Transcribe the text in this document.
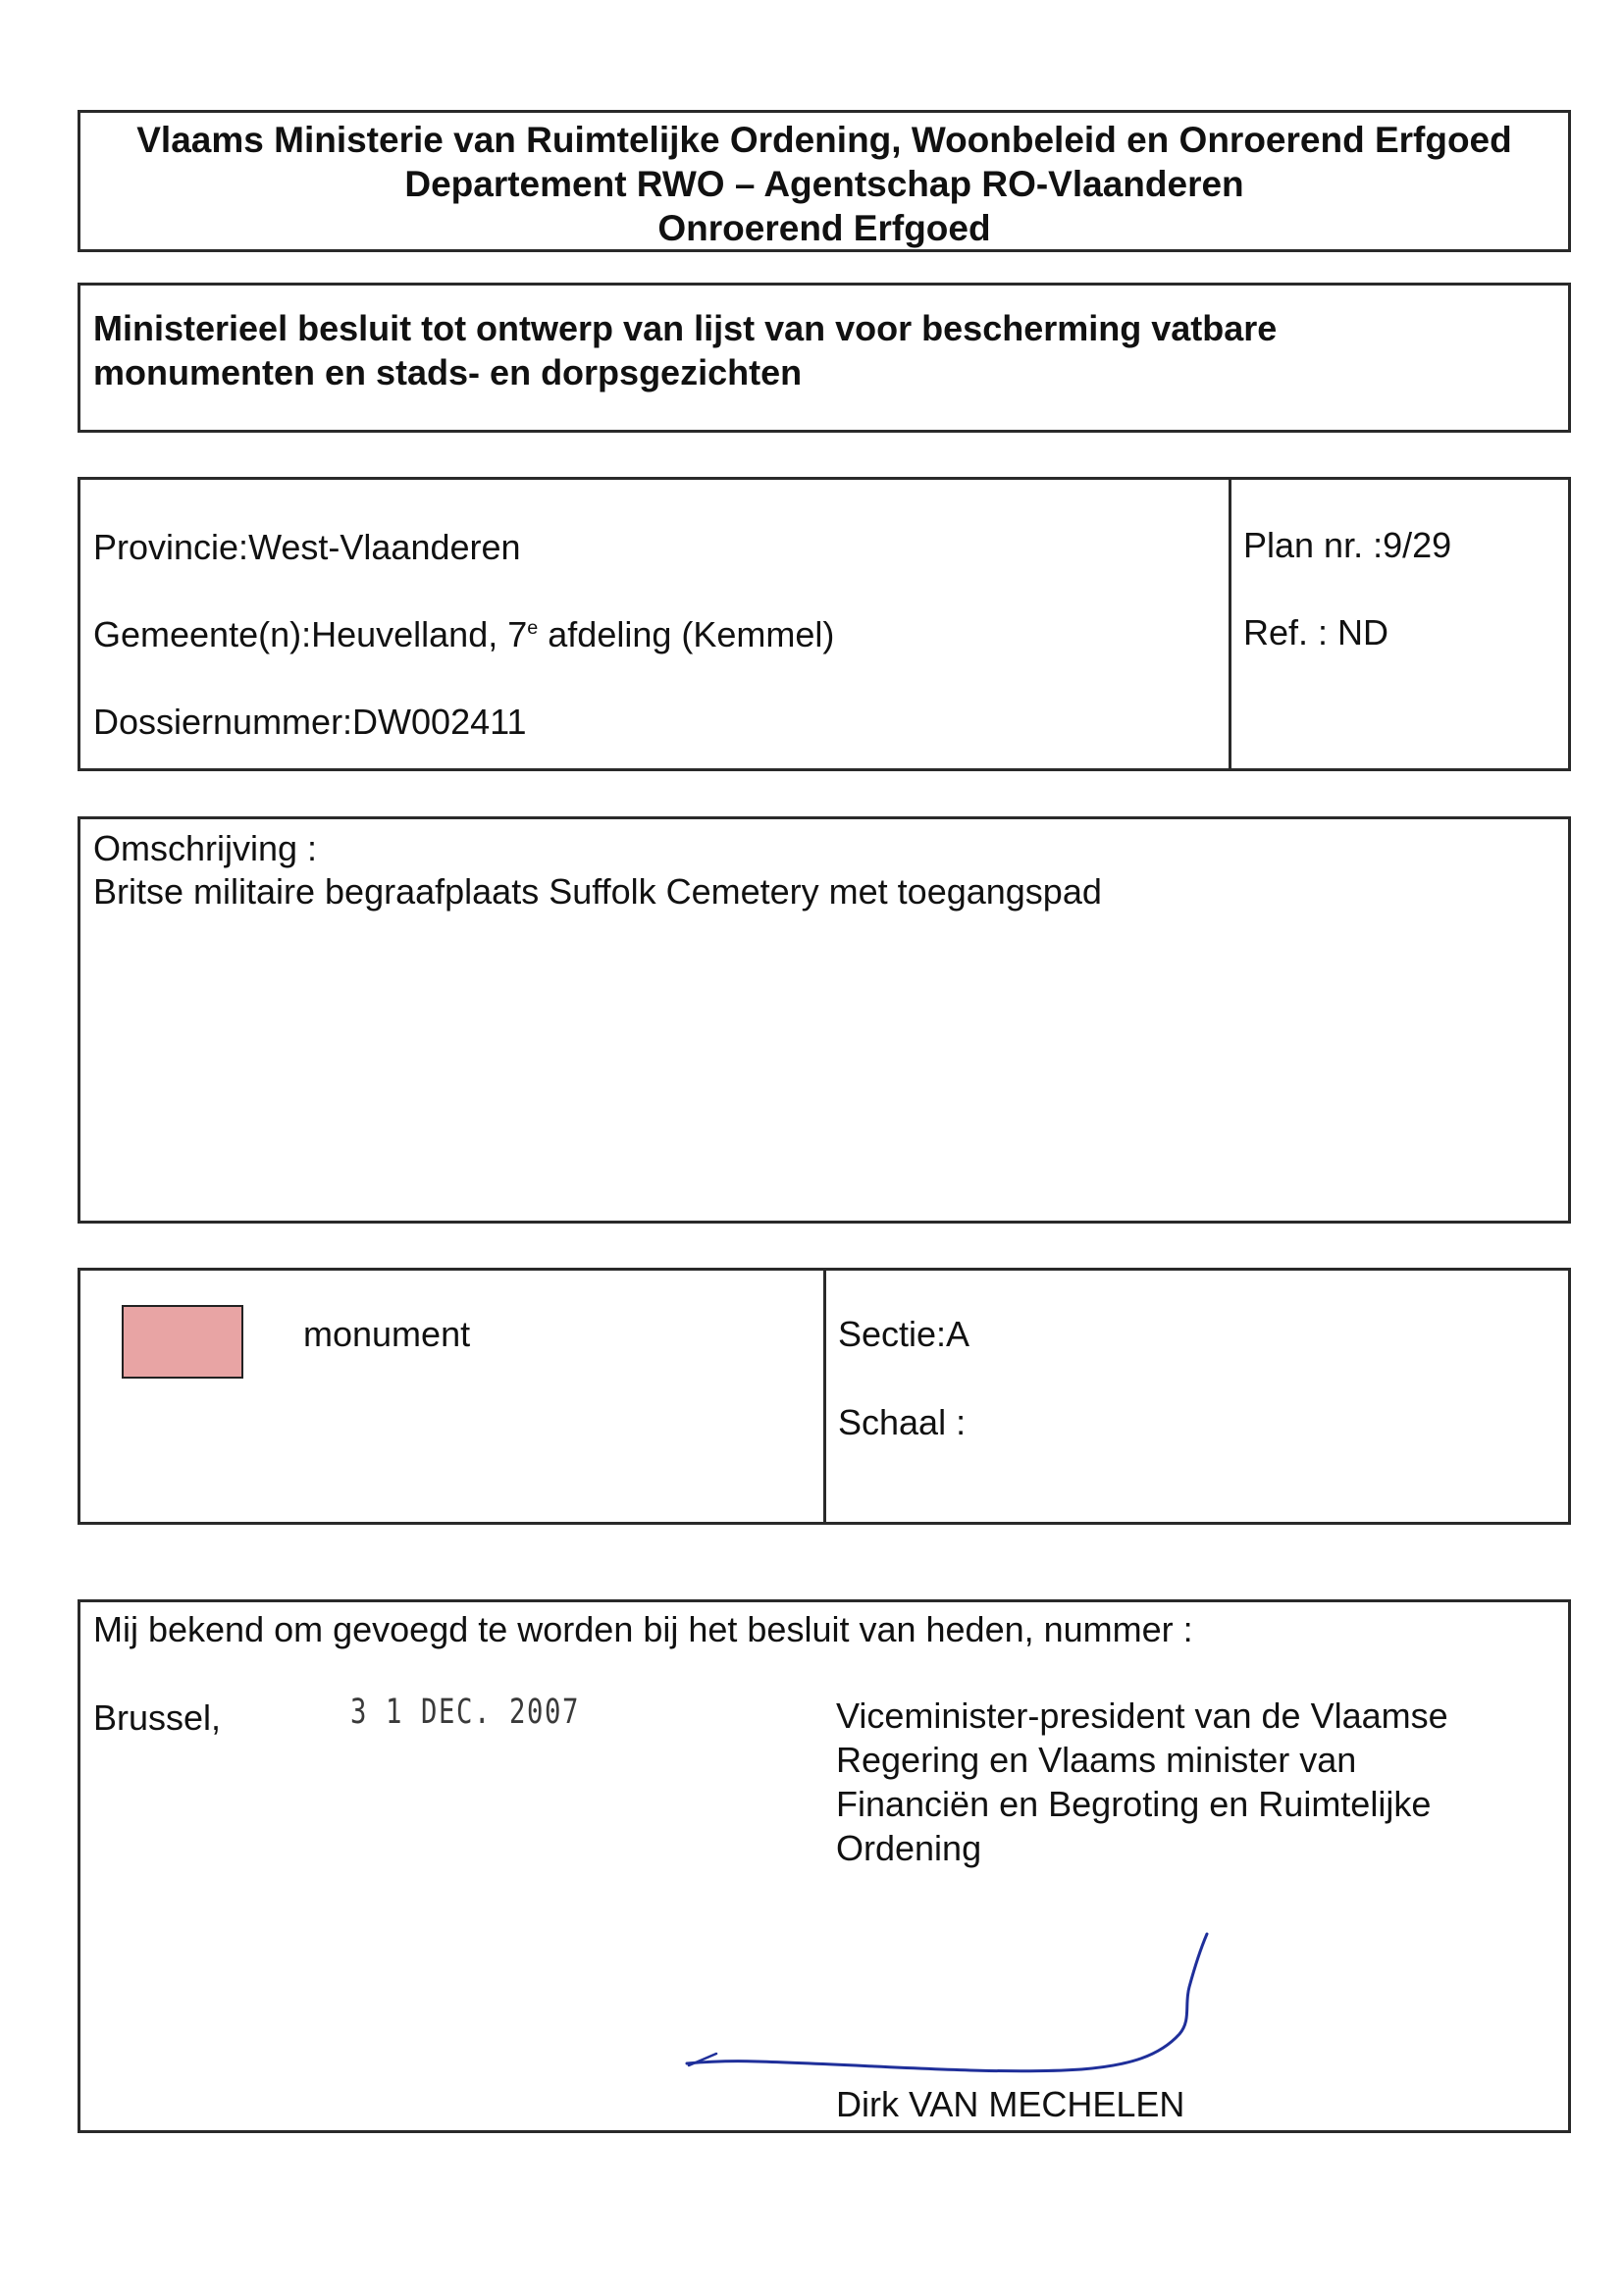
Vlaams Ministerie van Ruimtelijke Ordening, Woonbeleid en Onroerend Erfgoed
Departement RWO – Agentschap RO-Vlaanderen
Onroerend Erfgoed
Ministerieel besluit tot ontwerp van lijst van voor bescherming vatbare
monumenten en stads- en dorpsgezichten
Provincie:West-Vlaanderen
Gemeente(n):Heuvelland, 7e afdeling (Kemmel)
Dossiernummer:DW002411
Plan nr. :9/29
Ref. : ND
Omschrijving :
Britse militaire begraafplaats Suffolk Cemetery met toegangspad
monument	Sectie:A
Schaal :
Mij bekend om gevoegd te worden bij het besluit van heden, nummer :
Brussel,	3 1 DEC. 2007	Viceminister-president van de Vlaamse
Regering en Vlaams minister van
Financiën en Begroting en Ruimtelijke
Ordening
Dirk VAN MECHELEN
